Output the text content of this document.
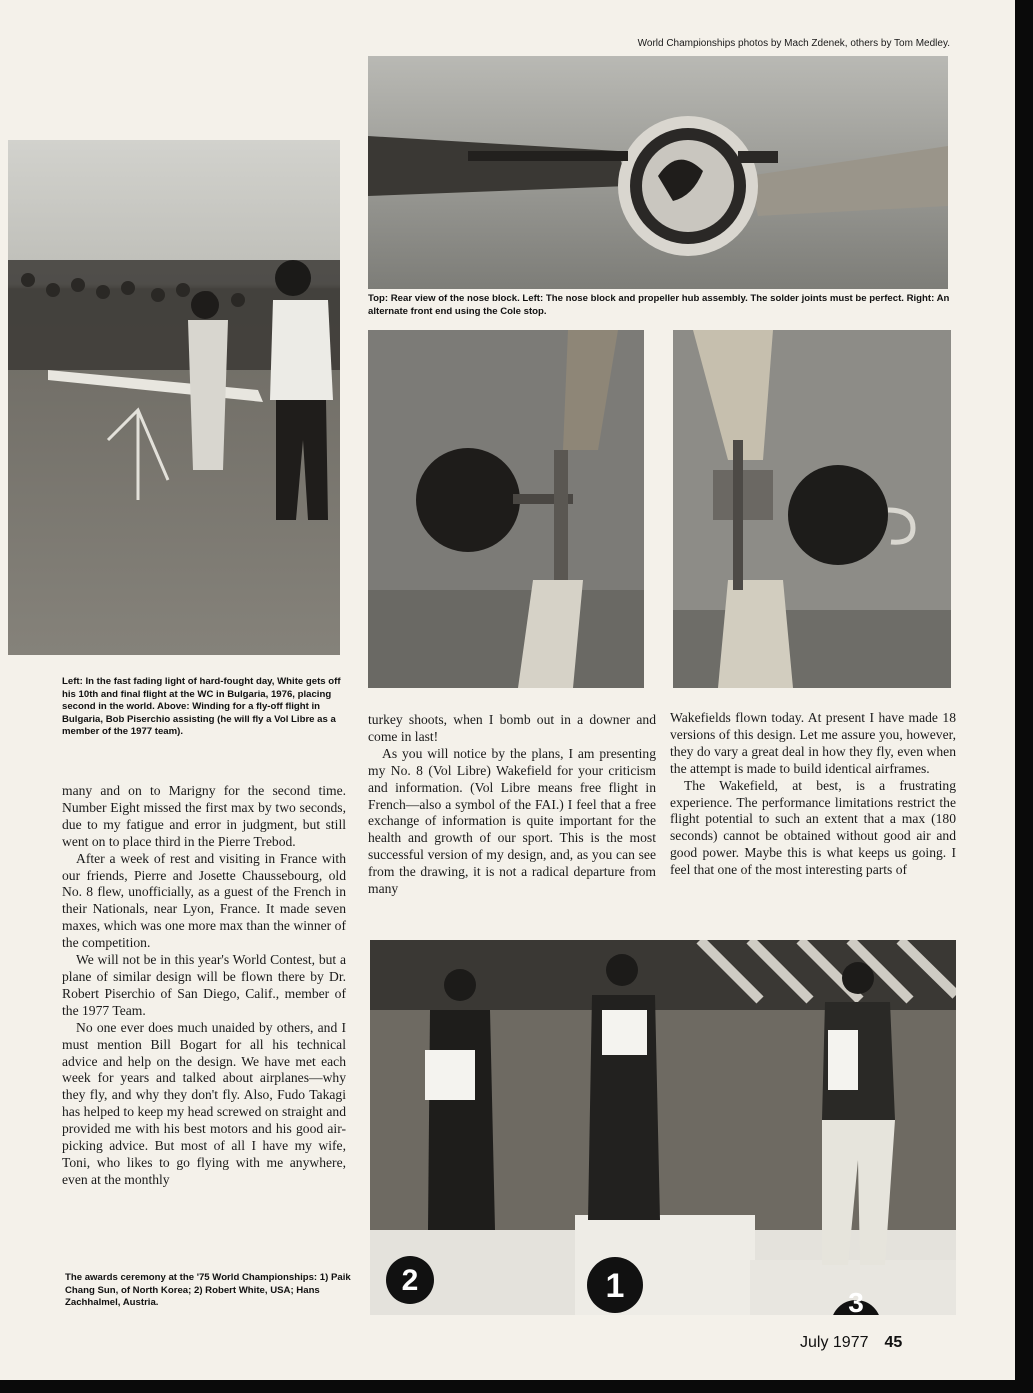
World Championships photos by Mach Zdenek, others by Tom Medley.

Top: Rear view of the nose block. Left: The nose block and propeller hub assembly. The solder joints must be perfect. Right: An alternate front end using the Cole stop.

Left: In the fast fading light of hard-fought day, White gets off his 10th and final flight at the WC in Bulgaria, 1976, placing second in the world. Above: Winding for a fly-off flight in Bulgaria, Bob Piserchio assisting (he will fly a Vol Libre as a member of the 1977 team).

many and on to Marigny for the second time. Number Eight missed the first max by two seconds, due to my fatigue and error in judgment, but still went on to place third in the Pierre Trebod.

After a week of rest and visiting in France with our friends, Pierre and Josette Chaussebourg, old No. 8 flew, unofficially, as a guest of the French in their Nationals, near Lyon, France. It made seven maxes, which was one more max than the winner of the competition.

We will not be in this year's World Contest, but a plane of similar design will be flown there by Dr. Robert Piserchio of San Diego, Calif., member of the 1977 Team.

No one ever does much unaided by others, and I must mention Bill Bogart for all his technical advice and help on the design. We have met each week for years and talked about airplanes—why they fly, and why they don't fly. Also, Fudo Takagi has helped to keep my head screwed on straight and provided me with his best motors and his good air-picking advice. But most of all I have my wife, Toni, who likes to go flying with me anywhere, even at the monthly

turkey shoots, when I bomb out in a downer and come in last!

As you will notice by the plans, I am presenting my No. 8 (Vol Libre) Wakefield for your criticism and information. (Vol Libre means free flight in French—also a symbol of the FAI.) I feel that a free exchange of information is quite important for the health and growth of our sport. This is the most successful version of my design, and, as you can see from the drawing, it is not a radical departure from many

Wakefields flown today. At present I have made 18 versions of this design. Let me assure you, however, they do vary a great deal in how they fly, even when the attempt is made to build identical airframes.

The Wakefield, at best, is a frustrating experience. The performance limitations restrict the flight potential to such an extent that a max (180 seconds) cannot be obtained without good air and good power. Maybe this is what keeps us going. I feel that one of the most interesting parts of

2	1	3

The awards ceremony at the '75 World Championships: 1) Paik Chang Sun, of North Korea; 2) Robert White, USA; Hans Zachhalmel, Austria.

July 1977 45
